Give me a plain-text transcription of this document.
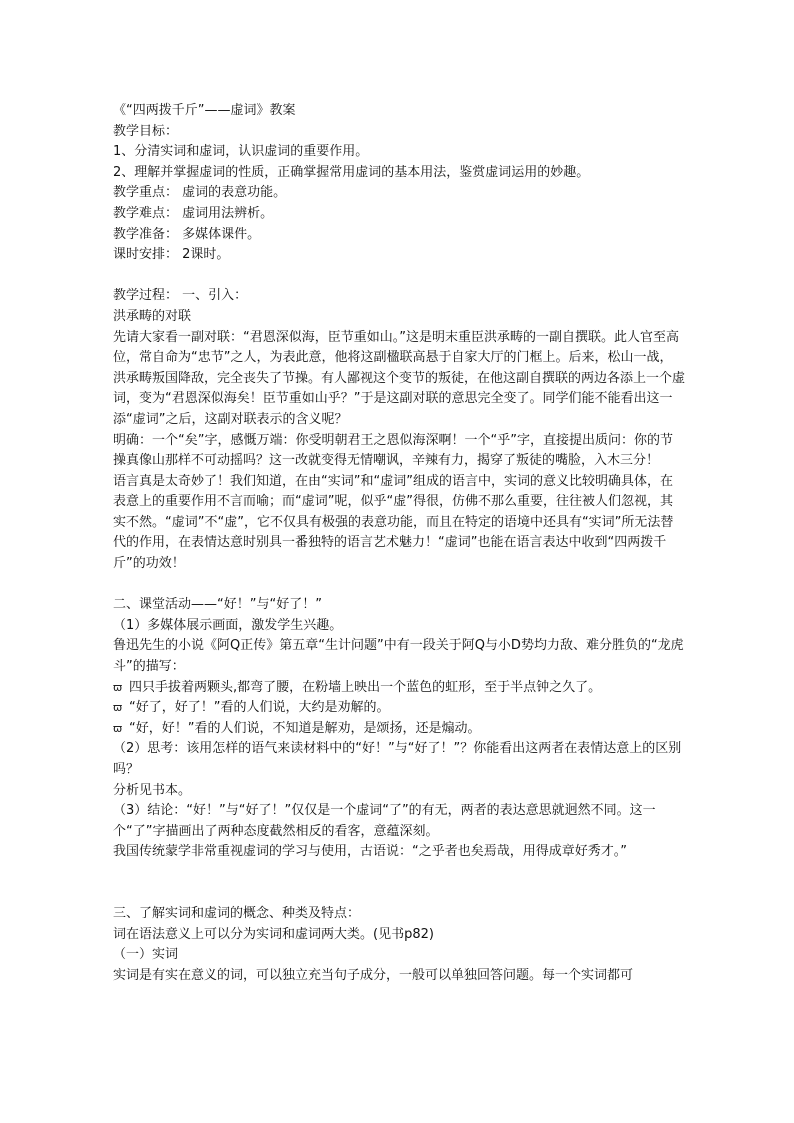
《“四两拨千斤”——虚词》教案

教学目标：

1、分清实词和虚词，认识虚词的重要作用。

2、理解并掌握虚词的性质，正确掌握常用虚词的基本用法，鉴赏虚词运用的妙趣。

教学重点： 虚词的表意功能。

教学难点： 虚词用法辨析。

教学准备： 多媒体课件。

课时安排： 2课时。

教学过程： 一、引入：

洪承畴的对联

先请大家看一副对联：“君恩深似海，臣节重如山。”这是明末重臣洪承畴的一副自撰联。此人官至高位，常自命为“忠节”之人，为表此意，他将这副楹联高悬于自家大厅的门框上。后来，松山一战，洪承畴叛国降敌，完全丧失了节操。有人鄙视这个变节的叛徒，在他这副自撰联的两边各添上一个虚词，变为“君恩深似海矣！臣节重如山乎？”于是这副对联的意思完全变了。同学们能不能看出这一添“虚词”之后，这副对联表示的含义呢？

明确：一个“矣”字，感慨万端：你受明朝君王之恩似海深啊！一个“乎”字，直接提出质问：你的节操真像山那样不可动摇吗？这一改就变得无情嘲讽，辛辣有力，揭穿了叛徒的嘴脸，入木三分！

语言真是太奇妙了！我们知道，在由“实词”和“虚词”组成的语言中，实词的意义比较明确具体，在表意上的重要作用不言而喻；而“虚词”呢，似乎“虚”得很，仿佛不那么重要，往往被人们忽视，其实不然。“虚词”不“虚”，它不仅具有极强的表意功能，而且在特定的语境中还具有“实词”所无法替代的作用，在表情达意时别具一番独特的语言艺术魅力！“虚词”也能在语言表达中收到“四两拨千斤”的功效！

二、课堂活动——“好！”与“好了！”

（1）多媒体展示画面，激发学生兴趣。

鲁迅先生的小说《阿Q正传》第五章“生计问题”中有一段关于阿Q与小D势均力敌、难分胜负的“龙虎斗”的描写：

ϖ 四只手拔着两颗头,都弯了腰，在粉墙上映出一个蓝色的虹形，至于半点钟之久了。
ϖ “好了，好了！”看的人们说，大约是劝解的。
ϖ “好，好！”看的人们说，不知道是解劝，是颂扬，还是煽动。

（2）思考：该用怎样的语气来读材料中的“好！”与“好了！”？你能看出这两者在表情达意上的区别吗？

分析见书本。

（3）结论：“好！”与“好了！”仅仅是一个虚词“了”的有无，两者的表达意思就迥然不同。这一个“了”字描画出了两种态度截然相反的看客，意蕴深刻。

我国传统蒙学非常重视虚词的学习与使用，古语说：“之乎者也矣焉哉，用得成章好秀才。”

三、了解实词和虚词的概念、种类及特点：

词在语法意义上可以分为实词和虚词两大类。(见书p82)

（一）实词

实词是有实在意义的词，可以独立充当句子成分，一般可以单独回答问题。每一个实词都可
